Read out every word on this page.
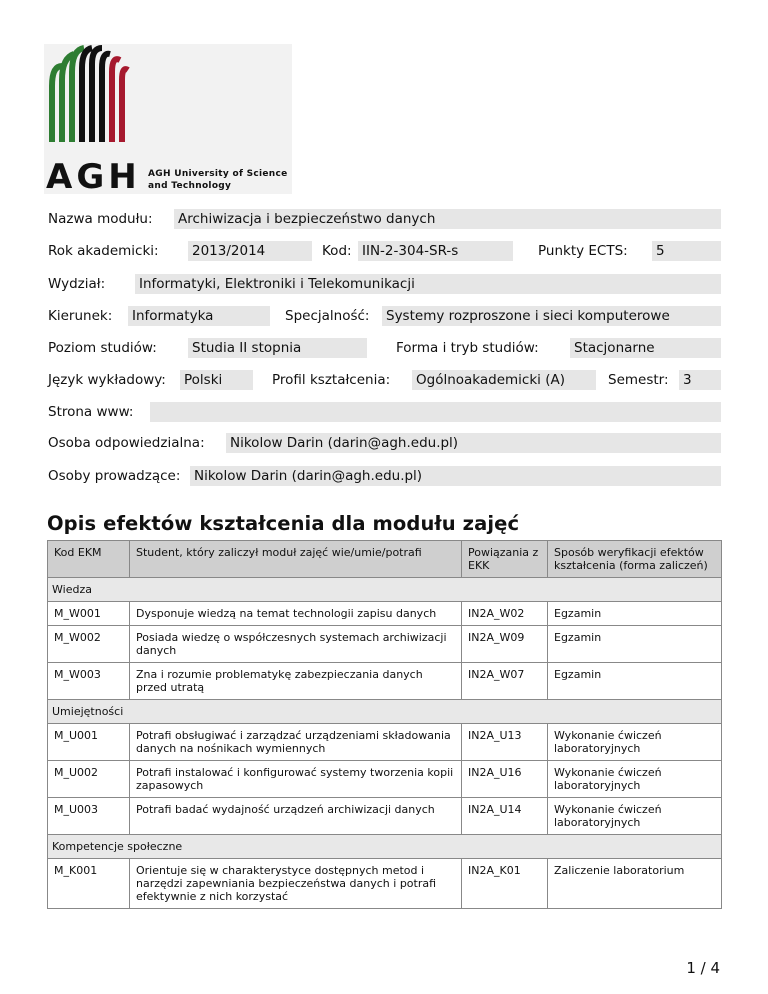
AGH AGH University of Science
and Technology
Nazwa modułu: Archiwizacja i bezpieczeństwo danych
Rok akademicki: 2013/2014	Kod: IIN-2-304-SR-s	Punkty ECTS: 5
Wydział:	Informatyki, Elektroniki i Telekomunikacji
Kierunek: Informatyka	Specjalność: Systemy rozproszone i sieci komputerowe
Poziom studiów:	Studia II stopnia	Forma i tryb studiów:	Stacjonarne
Język wykładowy: Polski	Profil kształcenia: Ogólnoakademicki (A)	Semestr: 3
Strona www:
Osoba odpowiedzialna: Nikolow Darin (darin@agh.edu.pl)
Osoby prowadzące: Nikolow Darin (darin@agh.edu.pl)
Opis efektów kształcenia dla modułu zajęć
Kod EKM	Student, który zaliczył moduł zajęć wie/umie/potrafi	Powiązania z EKK	Sposób weryfikacji efektów kształcenia (forma zaliczeń)
Wiedza			
M_W001	Dysponuje wiedzą na temat technologii zapisu danych	IN2A_W02	Egzamin
M_W002	Posiada wiedzę o współczesnych systemach archiwizacji danych	IN2A_W09	Egzamin
M_W003	Zna i rozumie problematykę zabezpieczania danych przed utratą	IN2A_W07	Egzamin
Umiejętności			
M_U001	Potrafi obsługiwać i zarządzać urządzeniami składowania danych na nośnikach wymiennych	IN2A_U13	Wykonanie ćwiczeń laboratoryjnych
M_U002	Potrafi instalować i konfigurować systemy tworzenia kopii zapasowych	IN2A_U16	Wykonanie ćwiczeń laboratoryjnych
M_U003	Potrafi badać wydajność urządzeń archiwizacji danych	IN2A_U14	Wykonanie ćwiczeń laboratoryjnych
Kompetencje społeczne			
M_K001	Orientuje się w charakterystyce dostępnych metod i narzędzi zapewniania bezpieczeństwa danych i potrafi efektywnie z nich korzystać	IN2A_K01	Zaliczenie laboratorium
1 / 4
